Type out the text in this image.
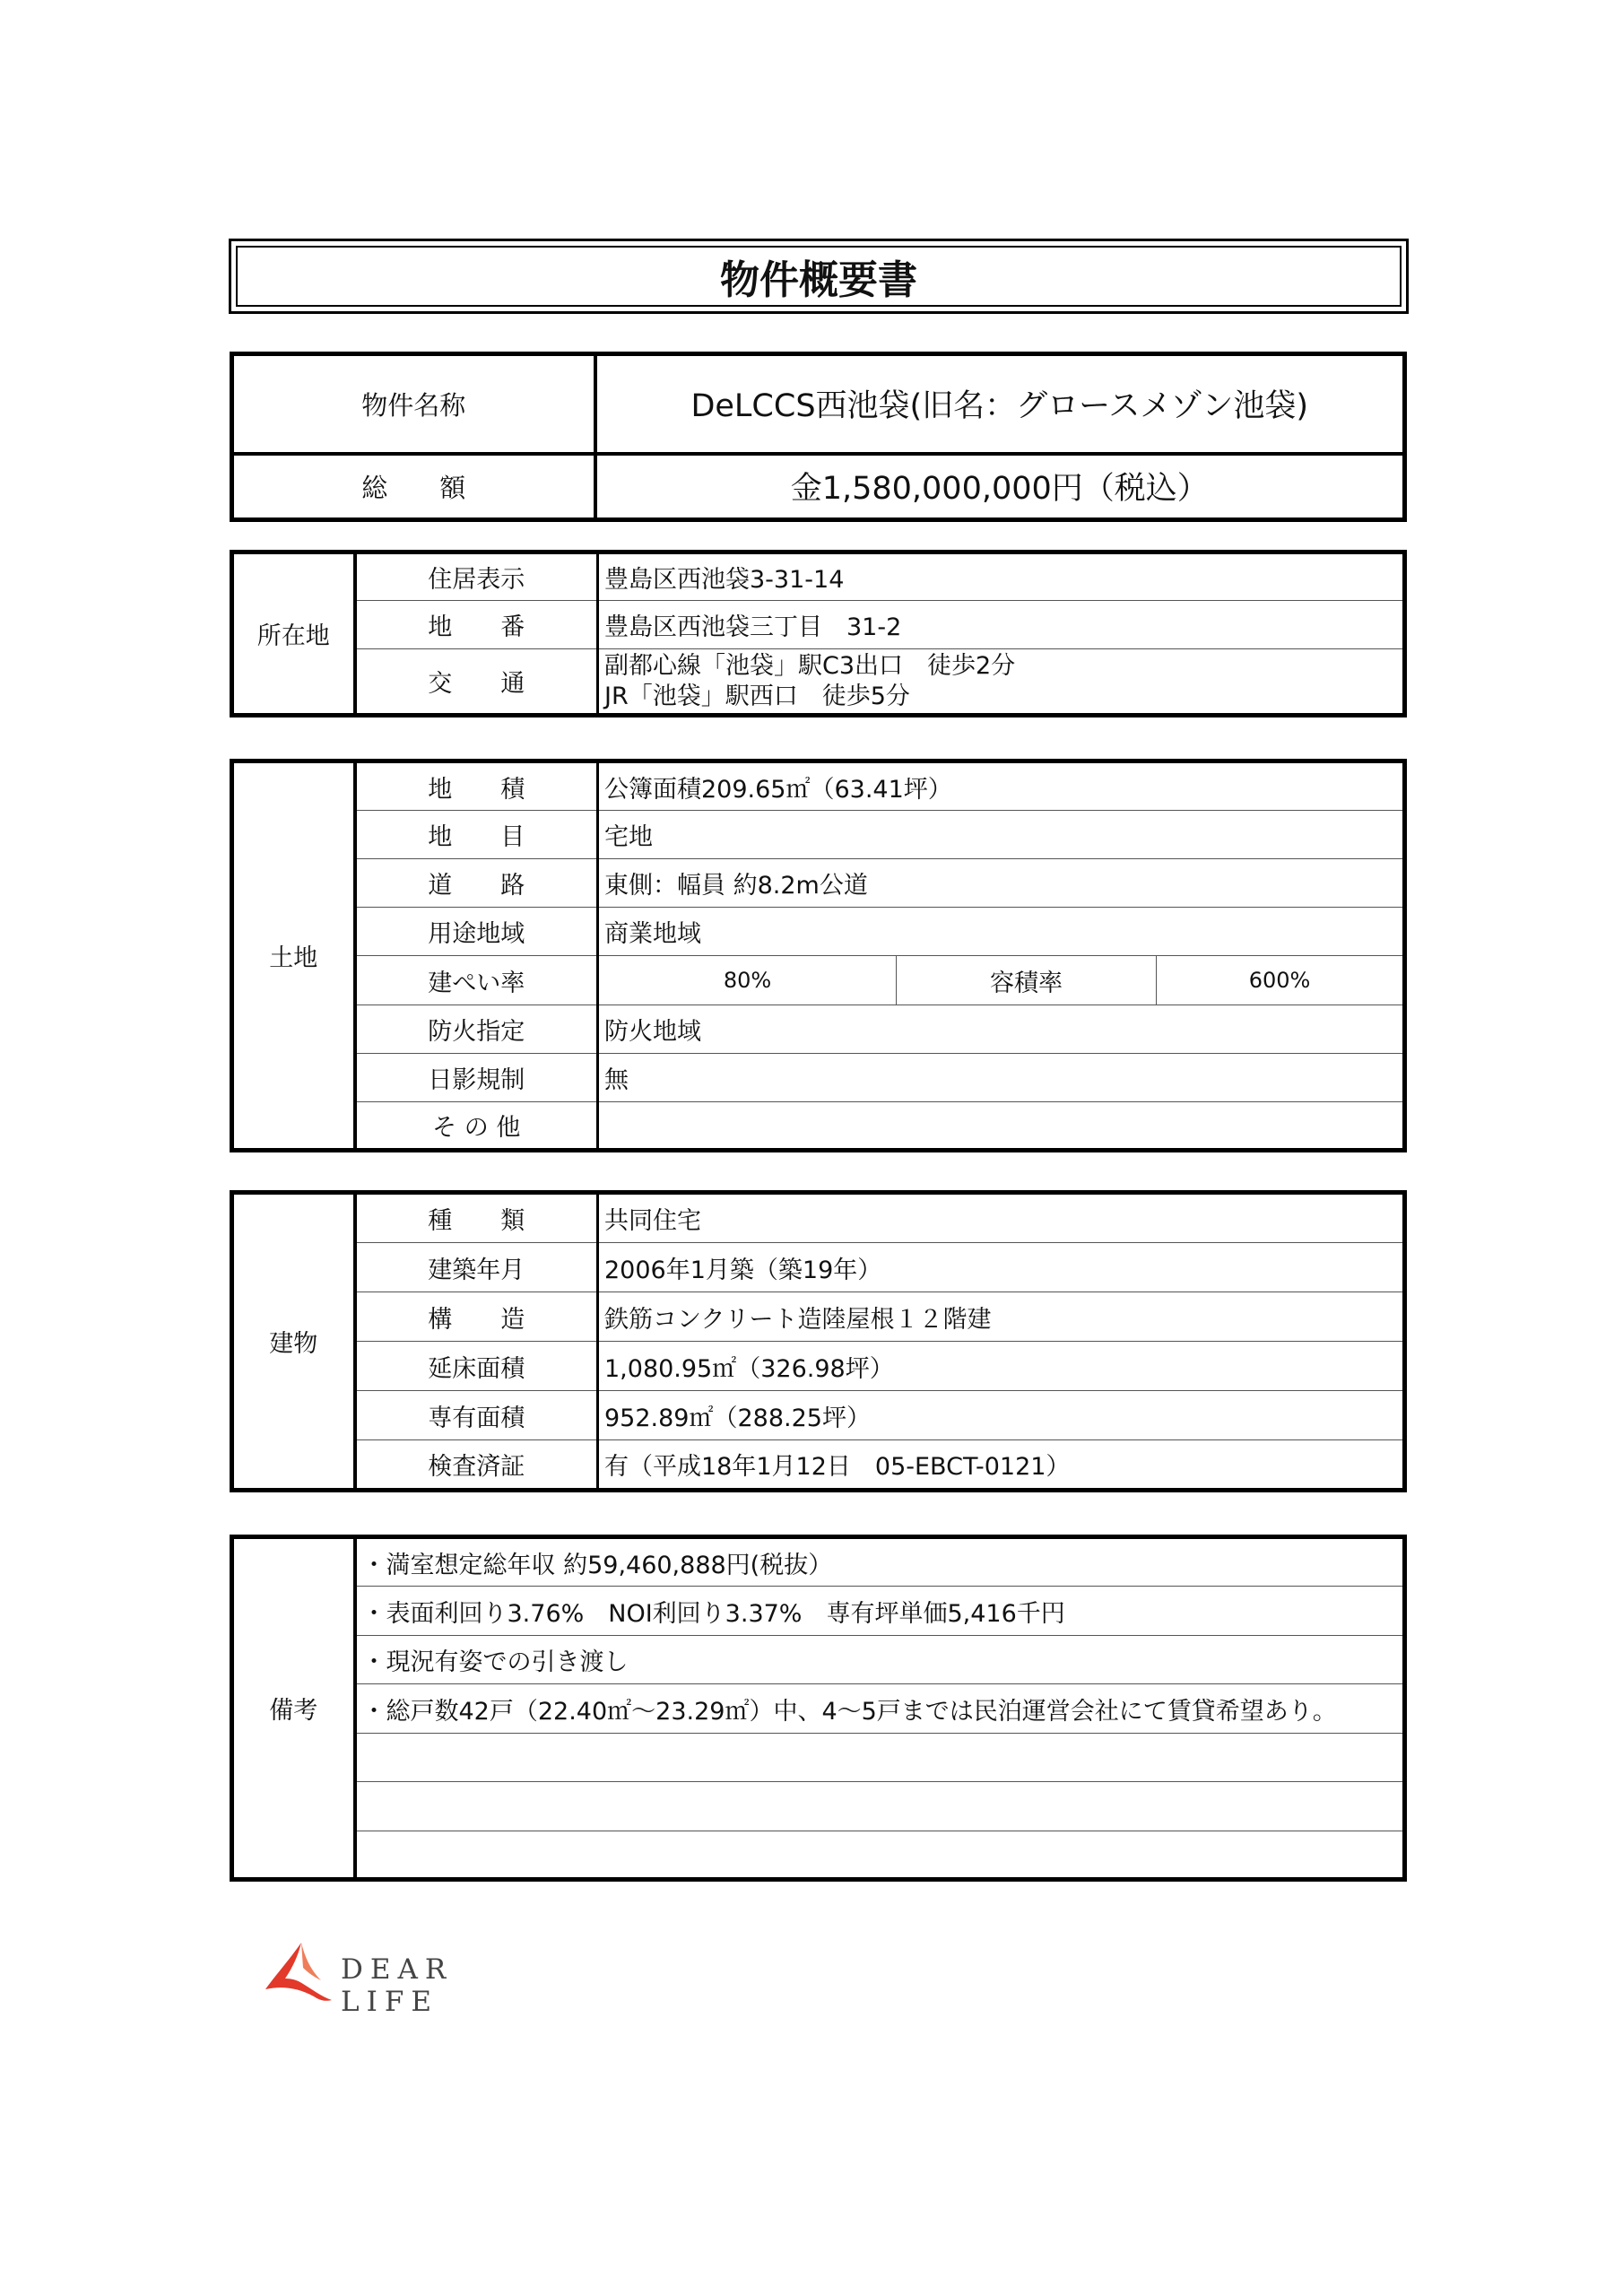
物件概要書
物件名称	DeLCCS西池袋(旧名：グロースメゾン池袋)
総　　額	金1,580,000,000円（税込）
所在地	住居表示	豊島区西池袋3-31-14
	地　　番	豊島区西池袋三丁目　31-2
	交　　通	副都心線「池袋」駅C3出口　徒歩2分
JR「池袋」駅西口　徒歩5分
土地	地　　積	公簿面積209.65㎡（63.41坪）		
	地　　目	宅地		
	道　　路	東側：幅員 約8.2m公道		
	用途地域	商業地域		
	建ぺい率	80%	容積率	600%
	防火指定	防火地域		
	日影規制	無		
	そ の 他			
建物	種　　類	共同住宅
	建築年月	2006年1月築（築19年）
	構　　造	鉄筋コンクリート造陸屋根１２階建
	延床面積	1,080.95㎡（326.98坪）
	専有面積	952.89㎡（288.25坪）
	検査済証	有（平成18年1月12日　05-EBCT-0121）
備考	・満室想定総年収 約59,460,888円(税抜）
・表面利回り3.76%　NOI利回り3.37%　専有坪単価5,416千円
・現況有姿での引き渡し
・総戸数42戸（22.40㎡～23.29㎡）中、4～5戸までは民泊運営会社にて賃貸希望あり。

DEAR LIFE
